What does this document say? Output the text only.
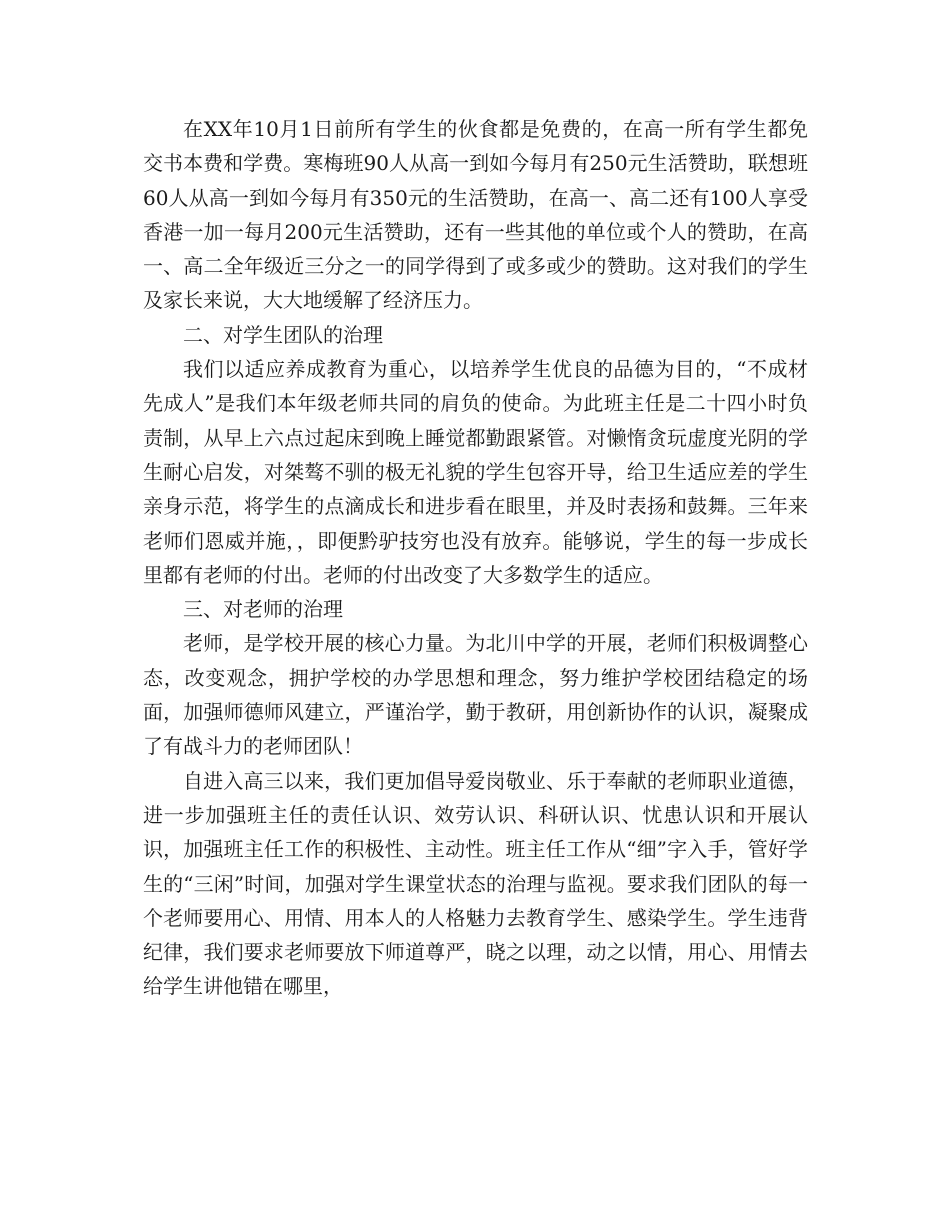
在XX年10月1日前所有学生的伙食都是免费的，在高一所有学生都免交书本费和学费。寒梅班90人从高一到如今每月有250元生活赞助，联想班60人从高一到如今每月有350元的生活赞助，在高一、高二还有100人享受香港一加一每月200元生活赞助，还有一些其他的单位或个人的赞助，在高一、高二全年级近三分之一的同学得到了或多或少的赞助。这对我们的学生及家长来说，大大地缓解了经济压力。

二、对学生团队的治理

我们以适应养成教育为重心，以培养学生优良的品德为目的，“不成材先成人”是我们本年级老师共同的肩负的使命。为此班主任是二十四小时负责制，从早上六点过起床到晚上睡觉都勤跟紧管。对懒惰贪玩虚度光阴的学生耐心启发，对桀骜不驯的极无礼貌的学生包容开导，给卫生适应差的学生亲身示范，将学生的点滴成长和进步看在眼里，并及时表扬和鼓舞。三年来老师们恩威并施，，即便黔驴技穷也没有放弃。能够说，学生的每一步成长里都有老师的付出。老师的付出改变了大多数学生的适应。

三、对老师的治理

老师，是学校开展的核心力量。为北川中学的开展，老师们积极调整心态，改变观念，拥护学校的办学思想和理念，努力维护学校团结稳定的场面，加强师德师风建立，严谨治学，勤于教研，用创新协作的认识，凝聚成了有战斗力的老师团队！

自进入高三以来，我们更加倡导爱岗敬业、乐于奉献的老师职业道德，进一步加强班主任的责任认识、效劳认识、科研认识、忧患认识和开展认识，加强班主任工作的积极性、主动性。班主任工作从“细”字入手，管好学生的“三闲”时间，加强对学生课堂状态的治理与监视。要求我们团队的每一个老师要用心、用情、用本人的人格魅力去教育学生、感染学生。学生违背纪律，我们要求老师要放下师道尊严，晓之以理，动之以情，用心、用情去给学生讲他错在哪里，
